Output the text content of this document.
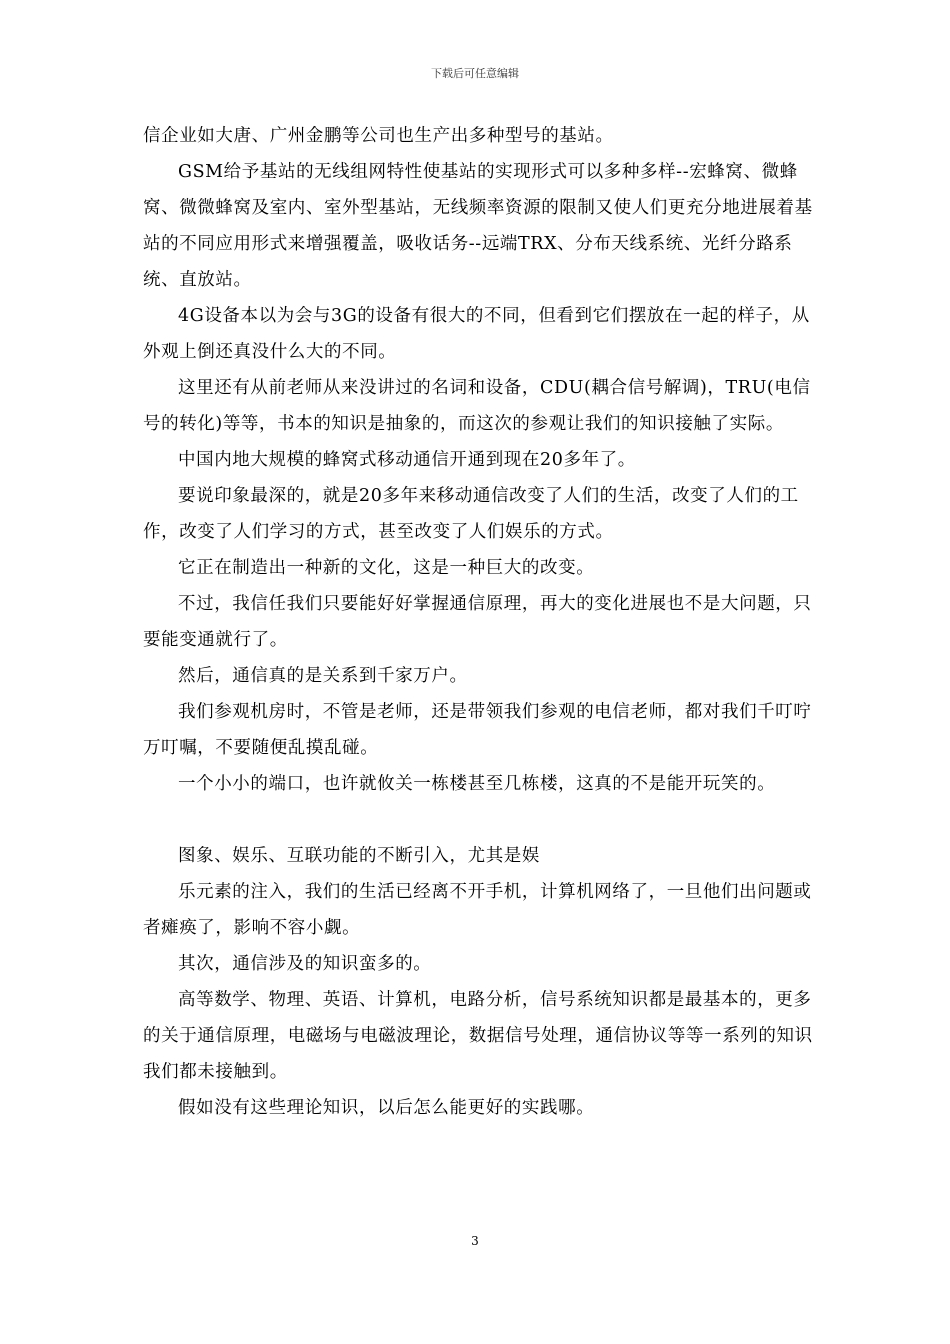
下载后可任意编辑

信企业如大唐、广州金鹏等公司也生产出多种型号的基站。

GSM给予基站的无线组网特性使基站的实现形式可以多种多样--宏蜂窝、微蜂窝、微微蜂窝及室内、室外型基站，无线频率资源的限制又使人们更充分地进展着基站的不同应用形式来增强覆盖，吸收话务--远端TRX、分布天线系统、光纤分路系统、直放站。

4G设备本以为会与3G的设备有很大的不同，但看到它们摆放在一起的样子，从外观上倒还真没什么大的不同。

这里还有从前老师从来没讲过的名词和设备，CDU(耦合信号解调)，TRU(电信号的转化)等等，书本的知识是抽象的，而这次的参观让我们的知识接触了实际。

中国内地大规模的蜂窝式移动通信开通到现在20多年了。

要说印象最深的，就是20多年来移动通信改变了人们的生活，改变了人们的工作，改变了人们学习的方式，甚至改变了人们娱乐的方式。

它正在制造出一种新的文化，这是一种巨大的改变。

不过，我信任我们只要能好好掌握通信原理，再大的变化进展也不是大问题，只要能变通就行了。

然后，通信真的是关系到千家万户。

我们参观机房时，不管是老师，还是带领我们参观的电信老师，都对我们千叮咛万叮嘱，不要随便乱摸乱碰。

一个小小的端口，也许就攸关一栋楼甚至几栋楼，这真的不是能开玩笑的。

图象、娱乐、互联功能的不断引入，尤其是娱

乐元素的注入，我们的生活已经离不开手机，计算机网络了，一旦他们出问题或者瘫痪了，影响不容小觑。

其次，通信涉及的知识蛮多的。

高等数学、物理、英语、计算机，电路分析，信号系统知识都是最基本的，更多的关于通信原理，电磁场与电磁波理论，数据信号处理，通信协议等等一系列的知识我们都未接触到。

假如没有这些理论知识，以后怎么能更好的实践哪。

3
